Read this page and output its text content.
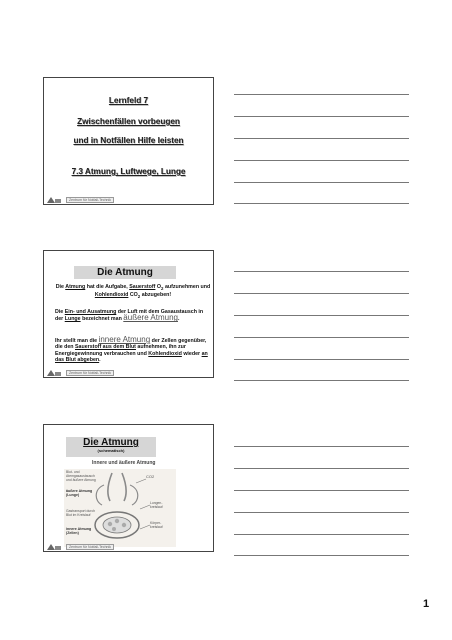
Lernfeld 7
Zwischenfällen vorbeugen
und in Notfällen Hilfe leisten
7.3 Atmung, Luftwege, Lunge
Zentrum für Notfall-Technik
Die Atmung
Die Atmung hat die Aufgabe, Sauerstoff $O_2$ aufzunehmen und Kohlendioxid $CO_2$ abzugeben!
Die Ein- und Ausatmung der Luft mit dem Gasaustausch in der Lunge bezeichnet man äußere Atmung.
Ihr stellt man die innere Atmung der Zellen gegenüber, die den Sauerstoff aus dem Blut aufnehmen, ihn zur Energiegewinnung verbrauchen und Kohlendioxid wieder an das Blut abgeben.
Zentrum für Notfall-Technik
Die Atmung
(schematisch)
Innere und äußere Atmung
Blut- und
Atemgasaustausch
und äußere Atmung
äußere Atmung
(Lunge)
Gastransport durch
Blut im Kreislauf
innere Atmung
(Zellen)
CO2
Lungen-
kreislauf
Körper-
kreislauf
Zentrum für Notfall-Technik
1
